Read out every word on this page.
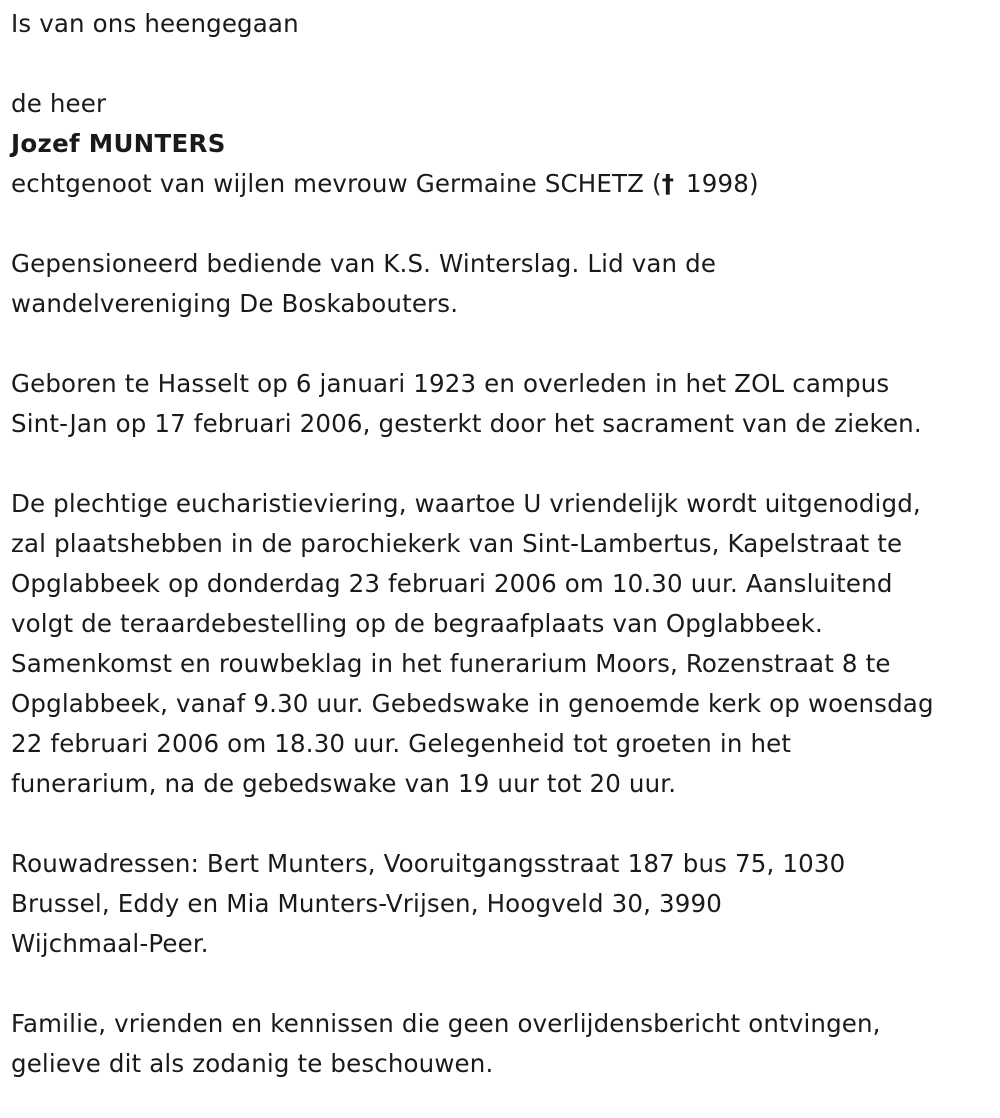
Is van ons heengegaan
de heer
Jozef MUNTERS
echtgenoot van wijlen mevrouw Germaine SCHETZ († 1998)

Gepensioneerd bediende van K.S. Winterslag. Lid van de
wandelvereniging De Boskabouters.

Geboren te Hasselt op 6 januari 1923 en overleden in het ZOL campus
Sint-Jan op 17 februari 2006, gesterkt door het sacrament van de zieken.

De plechtige eucharistieviering, waartoe U vriendelijk wordt uitgenodigd,
zal plaatshebben in de parochiekerk van Sint-Lambertus, Kapelstraat te
Opglabbeek op donderdag 23 februari 2006 om 10.30 uur. Aansluitend
volgt de teraardebestelling op de begraafplaats van Opglabbeek.
Samenkomst en rouwbeklag in het funerarium Moors, Rozenstraat 8 te
Opglabbeek, vanaf 9.30 uur. Gebedswake in genoemde kerk op woensdag
22 februari 2006 om 18.30 uur. Gelegenheid tot groeten in het
funerarium, na de gebedswake van 19 uur tot 20 uur.

Rouwadressen: Bert Munters, Vooruitgangsstraat 187 bus 75, 1030
Brussel, Eddy en Mia Munters-Vrijsen, Hoogveld 30, 3990
Wijchmaal-Peer.

Familie, vrienden en kennissen die geen overlijdensbericht ontvingen,
gelieve dit als zodanig te beschouwen.
